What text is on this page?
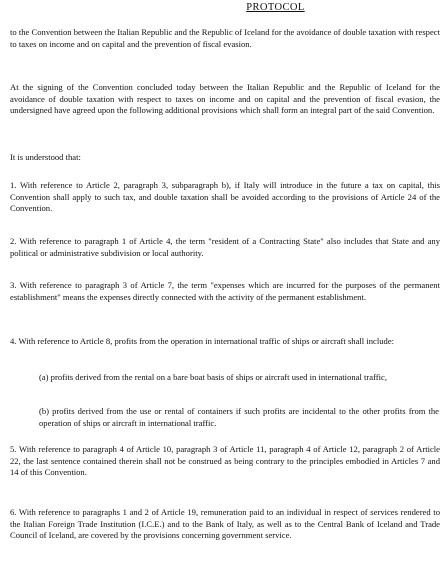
PROTOCOL

to the Convention between the Italian Republic and the Republic of Iceland for the avoidance of double taxation with respect to taxes on income and on capital and the prevention of fiscal evasion.

At the signing of the Convention concluded today between the Italian Republic and the Republic of Iceland for the avoidance of double taxation with respect to taxes on income and on capital and the prevention of fiscal evasion, the undersigned have agreed upon the following additional provisions which shall form an integral part of the said Convention.

It is understood that:

1. With reference to Article 2, paragraph 3, subparagraph b), if Italy will introduce in the future a tax on capital, this Convention shall apply to such tax, and double taxation shall be avoided according to the provisions of Article 24 of the Convention.

2. With reference to paragraph 1 of Article 4, the term "resident of a Contracting State" also includes that State and any political or administrative subdivision or local authority.

3. With reference to paragraph 3 of Article 7, the term "expenses which are incurred for the purposes of the permanent establishment" means the expenses directly connected with the activity of the permanent establishment.

4. With reference to Article 8, profits from the operation in international traffic of ships or aircraft shall include:

(a) profits derived from the rental on a bare boat basis of ships or aircraft used in international traffic,

(b) profits derived from the use or rental of containers if such profits are incidental to the other profits from the operation of ships or aircraft in international traffic.

5. With reference to paragraph 4 of Article 10, paragraph 3 of Article 11, paragraph 4 of Article 12, paragraph 2 of Article 22, the last sentence contained therein shall not be construed as being contrary to the principles embodied in Articles 7 and 14 of this Convention.

6. With reference to paragraphs 1 and 2 of Article 19, remuneration paid to an individual in respect of services rendered to the Italian Foreign Trade Institution (I.C.E.) and to the Bank of Italy, as well as to the Central Bank of Iceland and Trade Council of Iceland, are covered by the provisions concerning government service.
